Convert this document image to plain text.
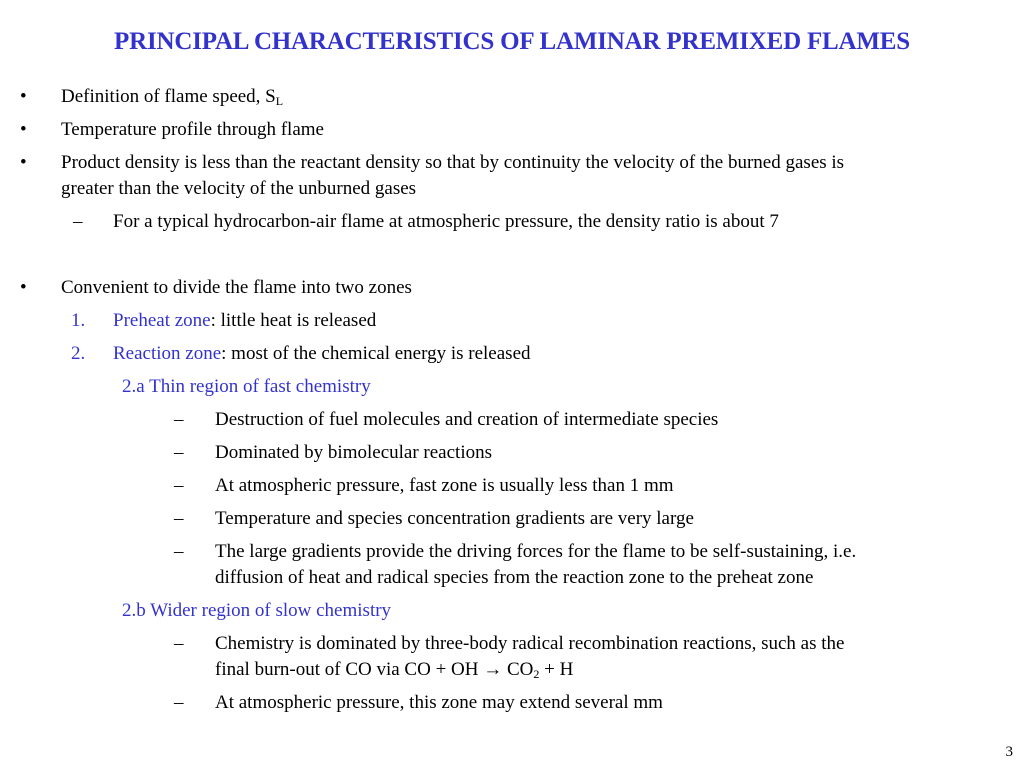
PRINCIPAL CHARACTERISTICS OF LAMINAR PREMIXED FLAMES
• Definition of flame speed, $S_L$
• Temperature profile through flame
• Product density is less than the reactant density so that by continuity the velocity of the burned gases is
greater than the velocity of the unburned gases
– For a typical hydrocarbon-air flame at atmospheric pressure, the density ratio is about 7
• Convenient to divide the flame into two zones
1. Preheat zone: little heat is released
2. Reaction zone: most of the chemical energy is released
2.a Thin region of fast chemistry
– Destruction of fuel molecules and creation of intermediate species
– Dominated by bimolecular reactions
– At atmospheric pressure, fast zone is usually less than 1 mm
– Temperature and species concentration gradients are very large
– The large gradients provide the driving forces for the flame to be self-sustaining, i.e.
diffusion of heat and radical species from the reaction zone to the preheat zone
2.b Wider region of slow chemistry
– Chemistry is dominated by three-body radical recombination reactions, such as the
final burn-out of CO via CO + OH → $CO_2 + H$
– At atmospheric pressure, this zone may extend several mm
3
